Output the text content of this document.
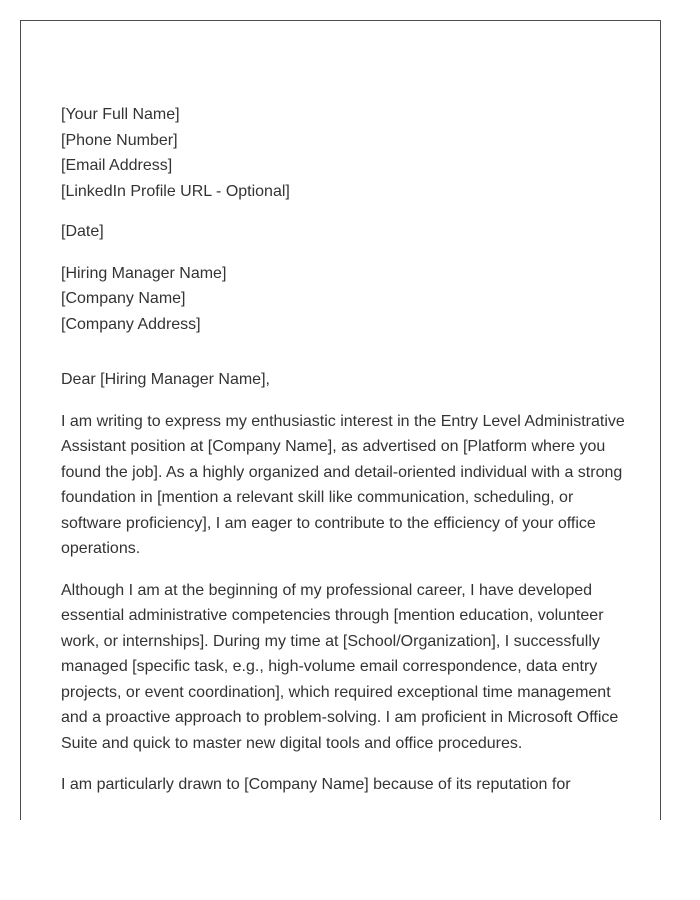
[Your Full Name]
[Phone Number]
[Email Address]
[LinkedIn Profile URL - Optional]
[Date]
[Hiring Manager Name]
[Company Name]
[Company Address]

Dear [Hiring Manager Name],

I am writing to express my enthusiastic interest in the Entry Level Administrative Assistant position at [Company Name], as advertised on [Platform where you found the job]. As a highly organized and detail-oriented individual with a strong foundation in [mention a relevant skill like communication, scheduling, or software proficiency], I am eager to contribute to the efficiency of your office operations.

Although I am at the beginning of my professional career, I have developed essential administrative competencies through [mention education, volunteer work, or internships]. During my time at [School/Organization], I successfully managed [specific task, e.g., high-volume email correspondence, data entry projects, or event coordination], which required exceptional time management and a proactive approach to problem-solving. I am proficient in Microsoft Office Suite and quick to master new digital tools and office procedures.

I am particularly drawn to [Company Name] because of its reputation for
